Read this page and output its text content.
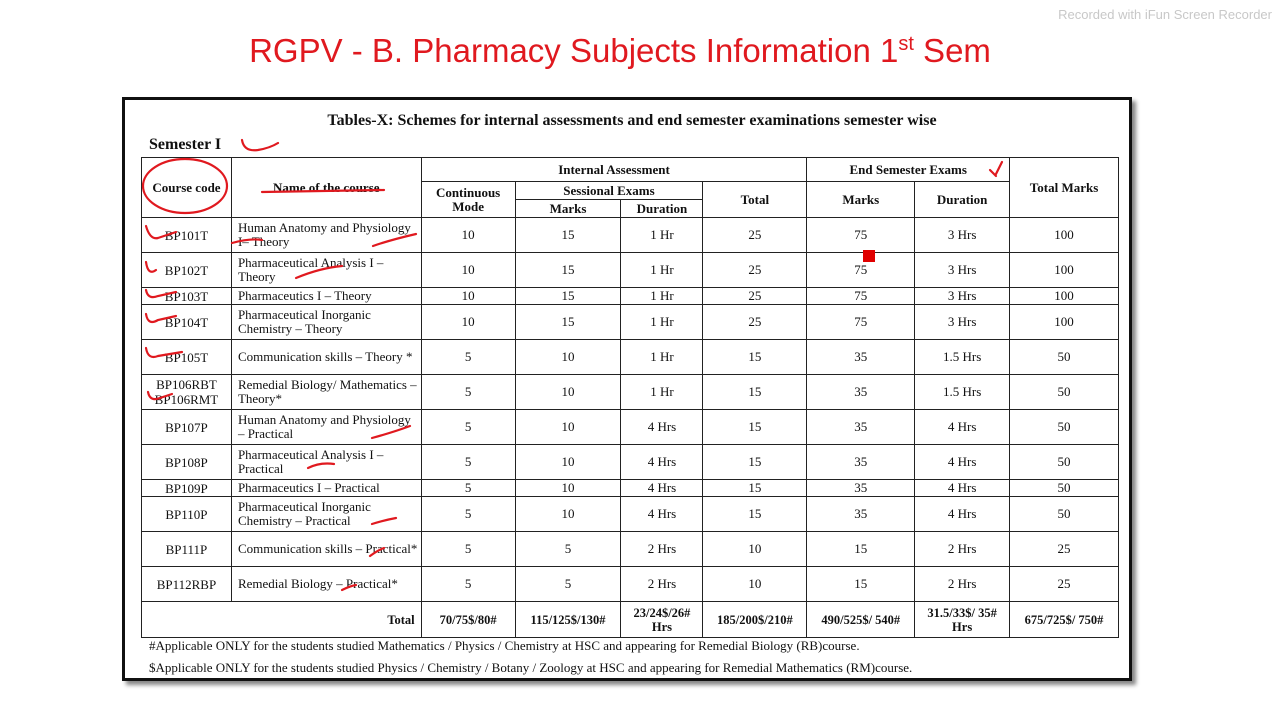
Recorded with iFun Screen Recorder
RGPV - B. Pharmacy Subjects Information 1st Sem
Tables-X: Schemes for internal assessments and end semester examinations semester wise
Semester I
Course code	Name of the course	Internal Assessment				End Semester Exams		Total Marks
		Continuous Mode	Sessional Exams		Total	Marks	Duration	
			Marks	Duration				
BP101T	Human Anatomy and Physiology I– Theory	10	15	1 Hr	25	75	3 Hrs	100
BP102T	Pharmaceutical Analysis I – Theory	10	15	1 Hr	25	75	3 Hrs	100
BP103T	Pharmaceutics I – Theory	10	15	1 Hr	25	75	3 Hrs	100
BP104T	Pharmaceutical Inorganic Chemistry – Theory	10	15	1 Hr	25	75	3 Hrs	100
BP105T	Communication skills – Theory *	5	10	1 Hr	15	35	1.5 Hrs	50
BP106RBT BP106RMT	Remedial Biology/ Mathematics – Theory*	5	10	1 Hr	15	35	1.5 Hrs	50
BP107P	Human Anatomy and Physiology – Practical	5	10	4 Hrs	15	35	4 Hrs	50
BP108P	Pharmaceutical Analysis I – Practical	5	10	4 Hrs	15	35	4 Hrs	50
BP109P	Pharmaceutics I – Practical	5	10	4 Hrs	15	35	4 Hrs	50
BP110P	Pharmaceutical Inorganic Chemistry – Practical	5	10	4 Hrs	15	35	4 Hrs	50
BP111P	Communication skills – Practical*	5	5	2 Hrs	10	15	2 Hrs	25
BP112RBP	Remedial Biology – Practical*	5	5	2 Hrs	10	15	2 Hrs	25
Total		70/75$/80#	115/125$/130#	23/24$/26# Hrs	185/200$/210#	490/525$/ 540#	31.5/33$/ 35# Hrs	675/725$/ 750#
#Applicable ONLY for the students studied Mathematics / Physics / Chemistry at HSC and appearing for Remedial Biology (RB)course.
$Applicable ONLY for the students studied Physics / Chemistry / Botany / Zoology at HSC and appearing for Remedial Mathematics (RM)course.
